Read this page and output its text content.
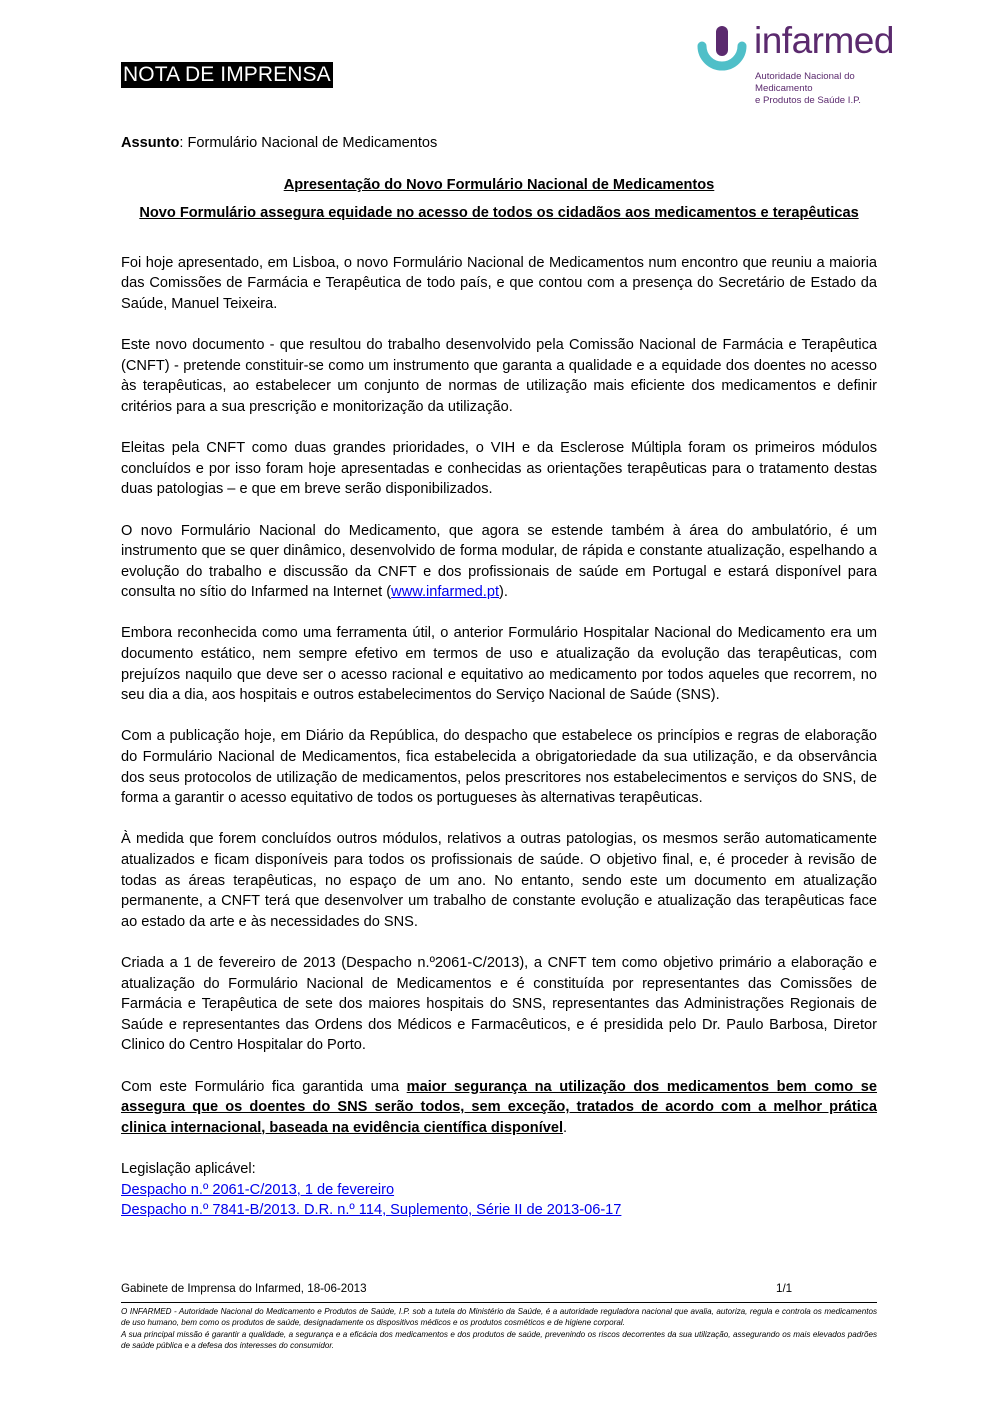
NOTA DE IMPRENSA
infarmed
Autoridade Nacional do Medicamento
e Produtos de Saúde I.P.

Assunto: Formulário Nacional de Medicamentos

Apresentação do Novo Formulário Nacional de Medicamentos

Novo Formulário assegura equidade no acesso de todos os cidadãos aos medicamentos e terapêuticas

Foi hoje apresentado, em Lisboa, o novo Formulário Nacional de Medicamentos num encontro que reuniu a maioria das Comissões de Farmácia e Terapêutica de todo país, e que contou com a presença do Secretário de Estado da Saúde, Manuel Teixeira.

Este novo documento - que resultou do trabalho desenvolvido pela Comissão Nacional de Farmácia e Terapêutica (CNFT) - pretende constituir-se como um instrumento que garanta a qualidade e a equidade dos doentes no acesso às terapêuticas, ao estabelecer um conjunto de normas de utilização mais eficiente dos medicamentos e definir critérios para a sua prescrição e monitorização da utilização.

Eleitas pela CNFT como duas grandes prioridades, o VIH e da Esclerose Múltipla foram os primeiros módulos concluídos e por isso foram hoje apresentadas e conhecidas as orientações terapêuticas para o tratamento destas duas patologias – e que em breve serão disponibilizados.

O novo Formulário Nacional do Medicamento, que agora se estende também à área do ambulatório, é um instrumento que se quer dinâmico, desenvolvido de forma modular, de rápida e constante atualização, espelhando a evolução do trabalho e discussão da CNFT e dos profissionais de saúde em Portugal e estará disponível para consulta no sítio do Infarmed na Internet (www.infarmed.pt).

Embora reconhecida como uma ferramenta útil, o anterior Formulário Hospitalar Nacional do Medicamento era um documento estático, nem sempre efetivo em termos de uso e atualização da evolução das terapêuticas, com prejuízos naquilo que deve ser o acesso racional e equitativo ao medicamento por todos aqueles que recorrem, no seu dia a dia, aos hospitais e outros estabelecimentos do Serviço Nacional de Saúde (SNS).

Com a publicação hoje, em Diário da República, do despacho que estabelece os princípios e regras de elaboração do Formulário Nacional de Medicamentos, fica estabelecida a obrigatoriedade da sua utilização, e da observância dos seus protocolos de utilização de medicamentos, pelos prescritores nos estabelecimentos e serviços do SNS, de forma a garantir o acesso equitativo de todos os portugueses às alternativas terapêuticas.

À medida que forem concluídos outros módulos, relativos a outras patologias, os mesmos serão automaticamente atualizados e ficam disponíveis para todos os profissionais de saúde. O objetivo final, e, é proceder à revisão de todas as áreas terapêuticas, no espaço de um ano. No entanto, sendo este um documento em atualização permanente, a CNFT terá que desenvolver um trabalho de constante evolução e atualização das terapêuticas face ao estado da arte e às necessidades do SNS.

Criada a 1 de fevereiro de 2013 (Despacho n.º2061-C/2013), a CNFT tem como objetivo primário a elaboração e atualização do Formulário Nacional de Medicamentos e é constituída por representantes das Comissões de Farmácia e Terapêutica de sete dos maiores hospitais do SNS, representantes das Administrações Regionais de Saúde e representantes das Ordens dos Médicos e Farmacêuticos, e é presidida pelo Dr. Paulo Barbosa, Diretor Clinico do Centro Hospitalar do Porto.

Com este Formulário fica garantida uma maior segurança na utilização dos medicamentos bem como se assegura que os doentes do SNS serão todos, sem exceção, tratados de acordo com a melhor prática clinica internacional, baseada na evidência científica disponível.

Legislação aplicável:
Despacho n.º 2061-C/2013, 1 de fevereiro
Despacho n.º 7841-B/2013. D.R. n.º 114, Suplemento, Série II de 2013-06-17
Gabinete de Imprensa do Infarmed, 18-06-2013	1/1

O INFARMED - Autoridade Nacional do Medicamento e Produtos de Saúde, I.P. sob a tutela do Ministério da Saúde, é a autoridade reguladora nacional que avalia, autoriza, regula e controla os medicamentos de uso humano, bem como os produtos de saúde, designadamente os dispositivos médicos e os produtos cosméticos e de higiene corporal.

A sua principal missão é garantir a qualidade, a segurança e a eficácia dos medicamentos e dos produtos de saúde, prevenindo os riscos decorrentes da sua utilização, assegurando os mais elevados padrões de saúde pública e a defesa dos interesses do consumidor.
